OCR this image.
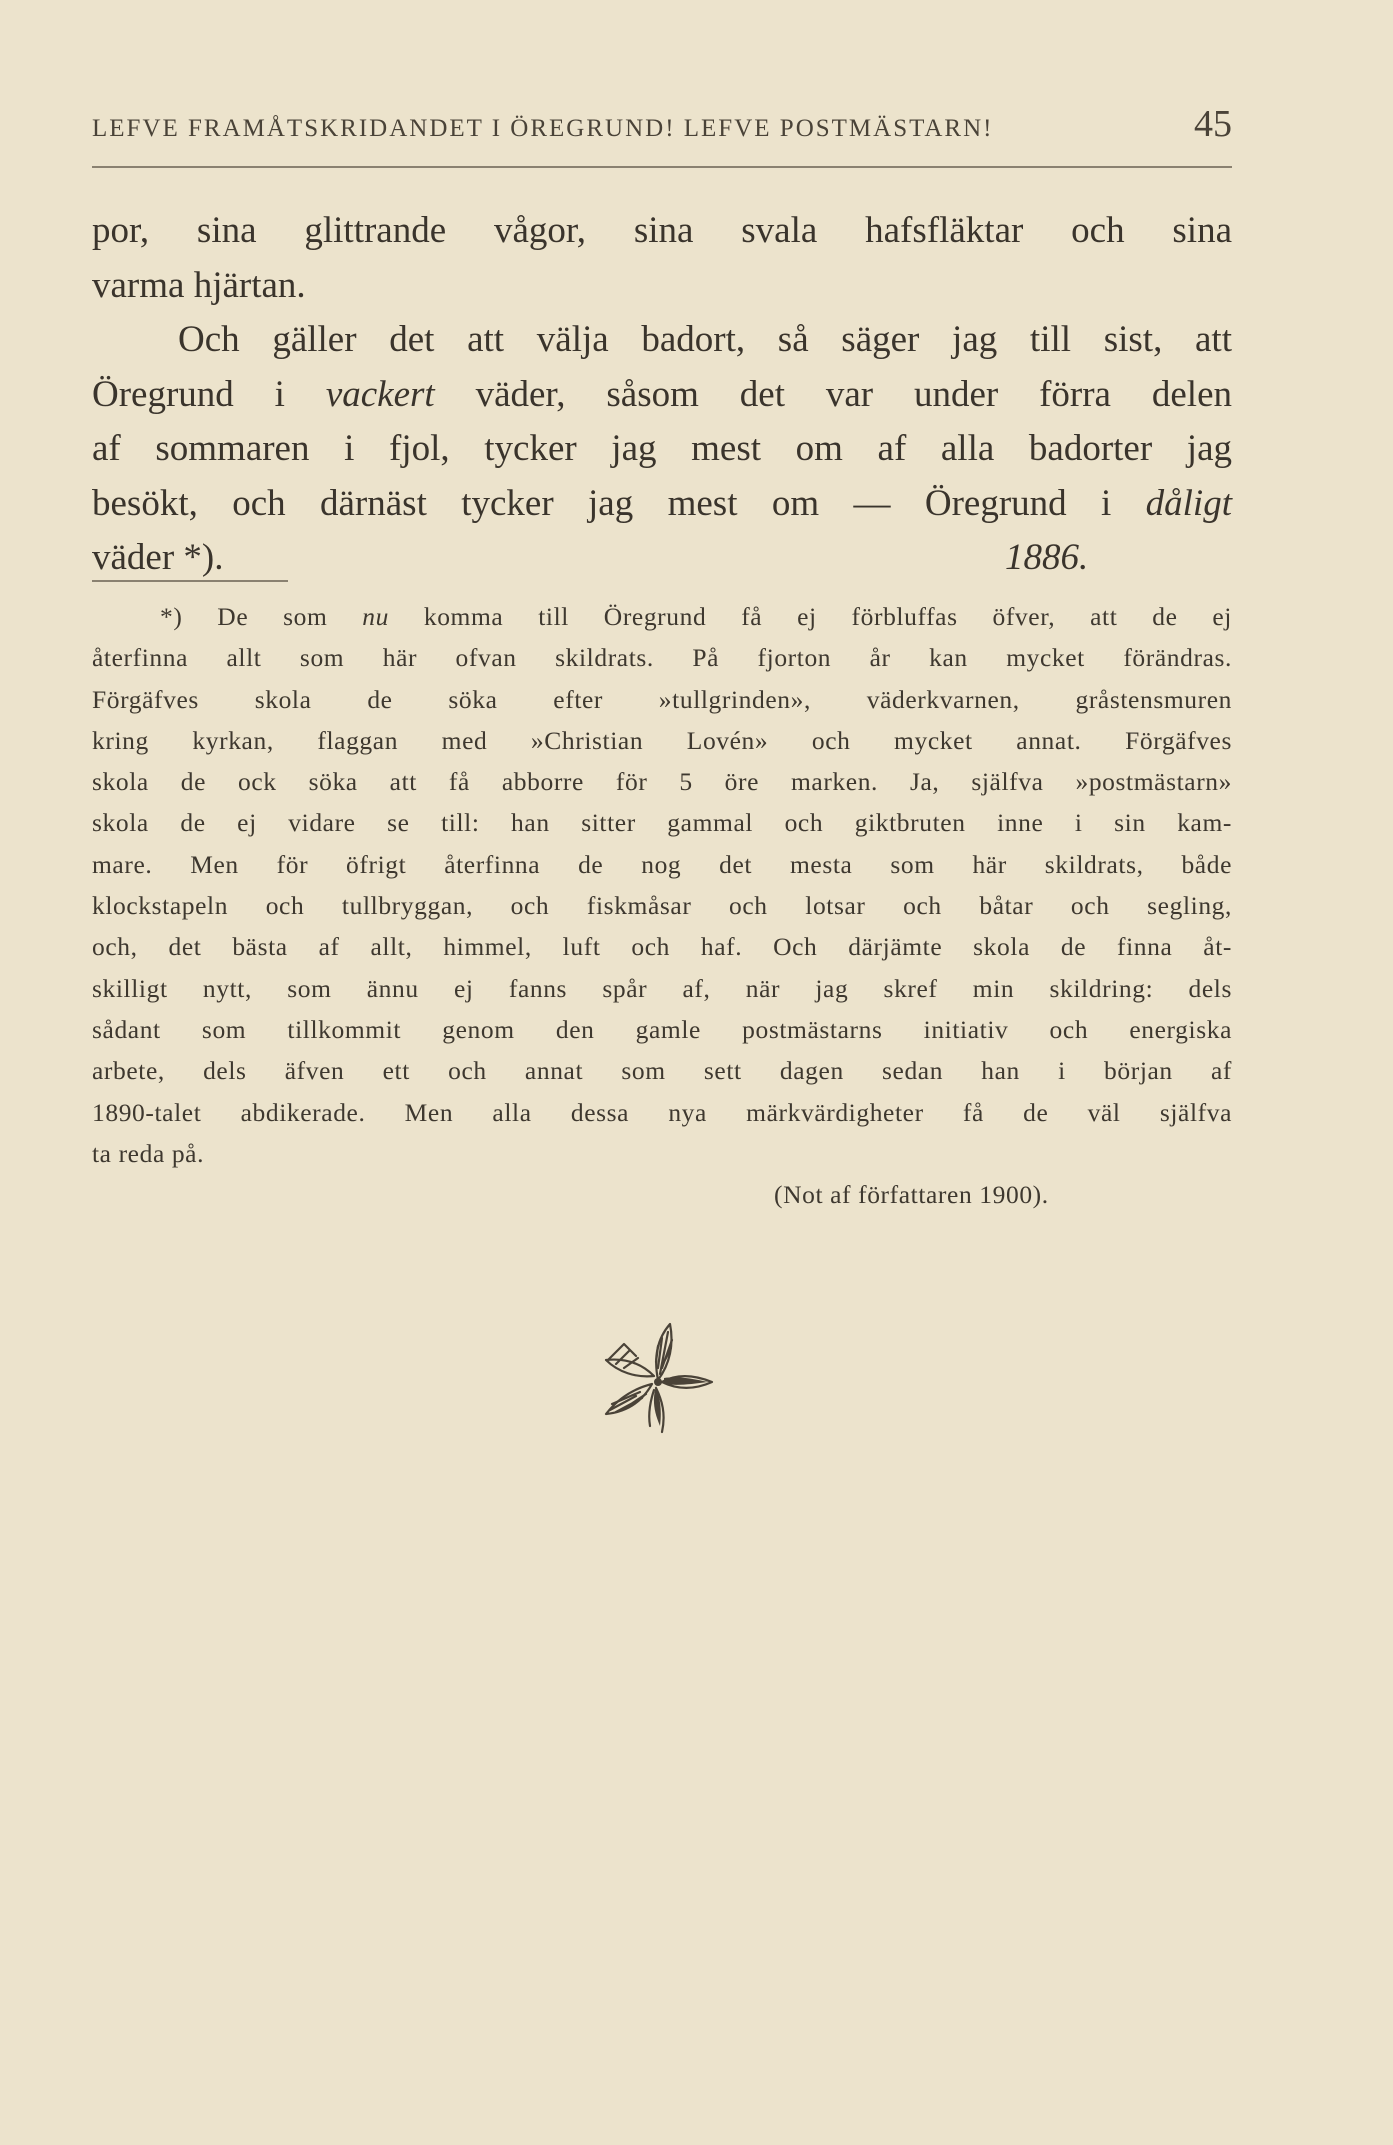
LEFVE FRAMÅTSKRIDANDET I ÖREGRUND! LEFVE POSTMÄSTARN!	45
por, sina glittrande vågor, sina svala hafsfläktar och sina
varma hjärtan.
Och gäller det att välja badort, så säger jag till sist, att
Öregrund i vackert väder, såsom det var under förra delen
af sommaren i fjol, tycker jag mest om af alla badorter jag
besökt, och därnäst tycker jag mest om — Öregrund i dåligt
väder *).	1886.
*) De som nu komma till Öregrund få ej förbluffas öfver, att de ej
återfinna allt som här ofvan skildrats. På fjorton år kan mycket förändras.
Förgäfves skola de söka efter »tullgrinden», väderkvarnen, gråstensmuren
kring kyrkan, flaggan med »Christian Lovén» och mycket annat. Förgäfves
skola de ock söka att få abborre för 5 öre marken. Ja, själfva »postmästarn»
skola de ej vidare se till: han sitter gammal och giktbruten inne i sin kam-
mare. Men för öfrigt återfinna de nog det mesta som här skildrats, både
klockstapeln och tullbryggan, och fiskmåsar och lotsar och båtar och segling,
och, det bästa af allt, himmel, luft och haf. Och därjämte skola de finna åt-
skilligt nytt, som ännu ej fanns spår af, när jag skref min skildring: dels
sådant som tillkommit genom den gamle postmästarns initiativ och energiska
arbete, dels äfven ett och annat som sett dagen sedan han i början af
1890-talet abdikerade. Men alla dessa nya märkvärdigheter få de väl själfva
ta reda på.
(Not af författaren 1900).
